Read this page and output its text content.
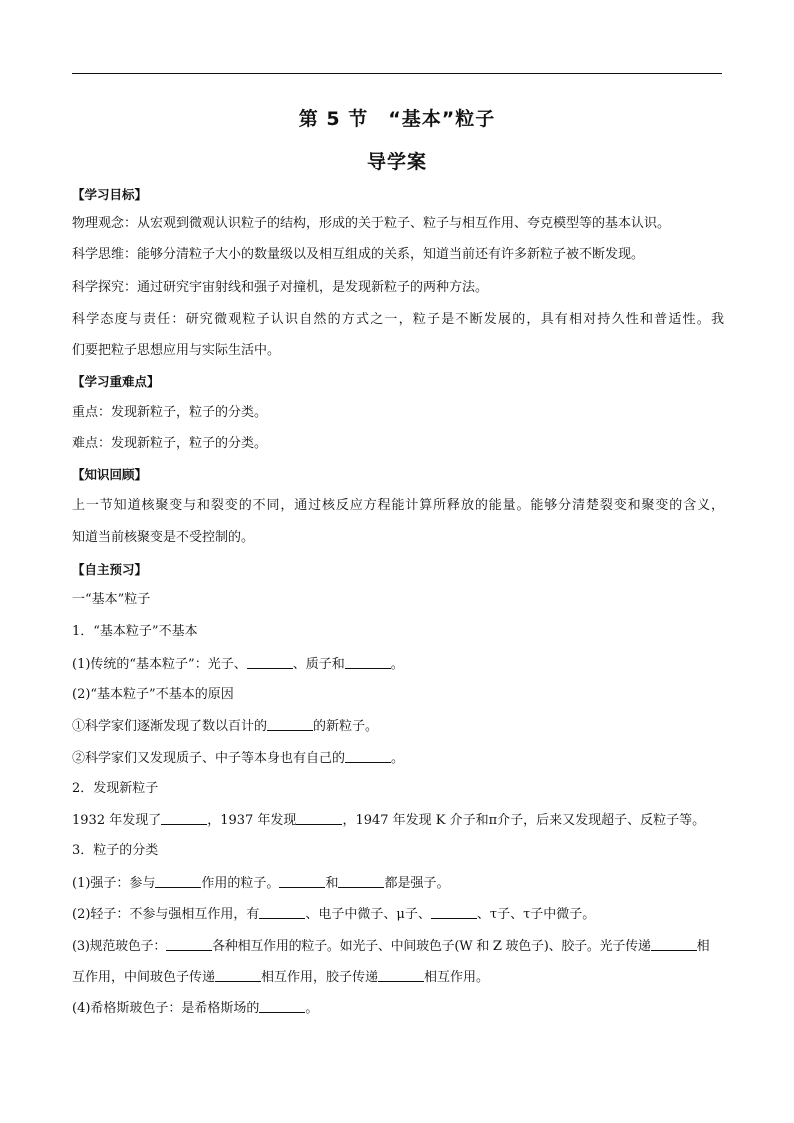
第 5 节　“基本”粒子
导学案
【学习目标】
物理观念：从宏观到微观认识粒子的结构，形成的关于粒子、粒子与相互作用、夸克模型等的基本认识。
科学思维：能够分清粒子大小的数量级以及相互组成的关系，知道当前还有许多新粒子被不断发现。
科学探究：通过研究宇宙射线和强子对撞机，是发现新粒子的两种方法。
科学态度与责任：研究微观粒子认识自然的方式之一，粒子是不断发展的，具有相对持久性和普适性。我
们要把粒子思想应用与实际生活中。
【学习重难点】
重点：发现新粒子，粒子的分类。
难点：发现新粒子，粒子的分类。
【知识回顾】
上一节知道核聚变与和裂变的不同，通过核反应方程能计算所释放的能量。能够分清楚裂变和聚变的含义，
知道当前核聚变是不受控制的。
【自主预习】
一“基本”粒子
1．“基本粒子”不基本
(1)传统的“基本粒子”：光子、	、质子和	。
(2)“基本粒子”不基本的原因
①科学家们逐渐发现了数以百计的	的新粒子。
②科学家们又发现质子、中子等本身也有自己的	。
2．发现新粒子
1932 年发现了	，1937 年发现	，1947 年发现 K 介子和π介子，后来又发现超子、反粒子等。
3．粒子的分类
(1)强子：参与	作用的粒子。	和	都是强子。
(2)轻子：不参与强相互作用，有	、电子中微子、μ子、	、τ子、τ子中微子。
(3)规范玻色子：	各种相互作用的粒子。如光子、中间玻色子(W 和 Z 玻色子)、胶子。光子传递	相
互作用，中间玻色子传递	相互作用，胶子传递	相互作用。
(4)希格斯玻色子：是希格斯场的	。
